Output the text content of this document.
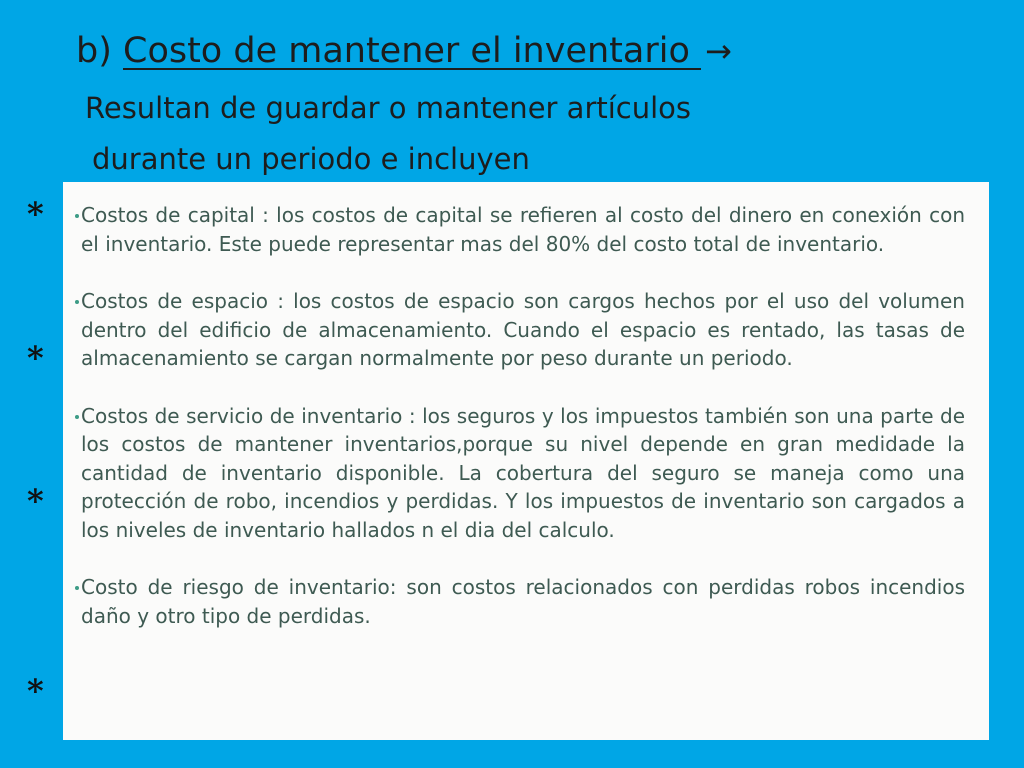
b) Costo de mantener el inventario →
Resultan de guardar o mantener artículos
durante un periodo e incluyen
*
*
*
*
Costos de capital : los costos de capital se refieren al costo del dinero en conexión con el inventario. Este puede representar mas del 80% del costo total de inventario.
Costos de espacio : los costos de espacio son cargos hechos por el uso del volumen dentro del edificio de almacenamiento. Cuando el espacio es rentado, las tasas de almacenamiento se cargan normalmente por peso durante un periodo.
Costos de servicio de inventario : los seguros y los impuestos también son una parte de los costos de mantener inventarios,porque su nivel depende en gran medidade la cantidad de inventario disponible. La cobertura del seguro se maneja como una protección de robo, incendios y perdidas. Y los impuestos de inventario son cargados a los niveles de inventario hallados n el dia del calculo.
Costo de riesgo de inventario: son costos relacionados con perdidas robos incendios daño y otro tipo de perdidas.
